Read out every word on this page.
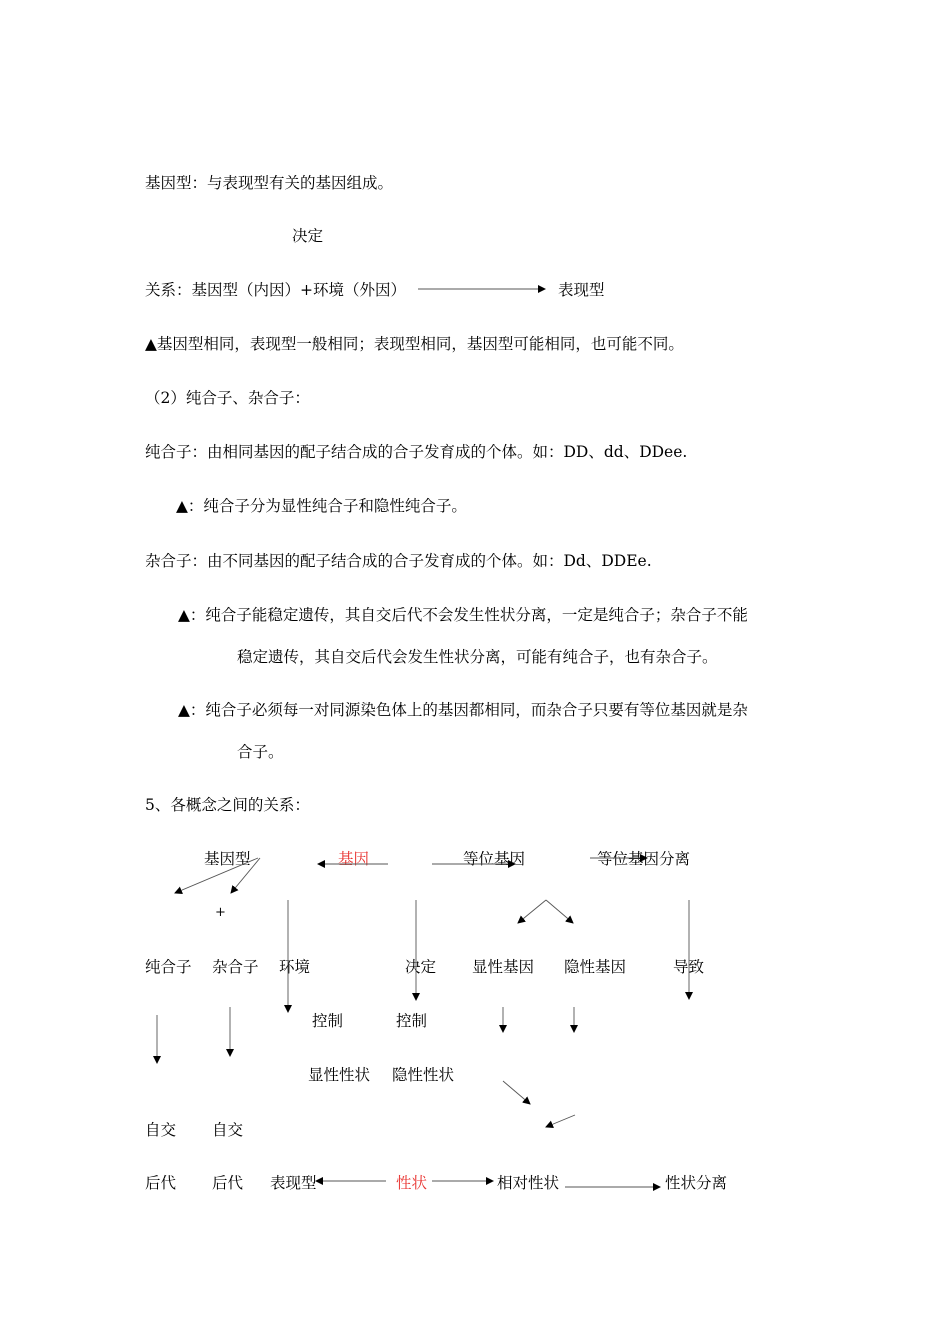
基因型：与表现型有关的基因组成。
决定
关系：基因型（内因）+环境（外因）	表现型
▲基因型相同，表现型一般相同；表现型相同，基因型可能相同，也可能不同。
（2）纯合子、杂合子：
纯合子：由相同基因的配子结合成的合子发育成的个体。如：DD、dd、DDee.
▲：纯合子分为显性纯合子和隐性纯合子。
杂合子：由不同基因的配子结合成的合子发育成的个体。如：Dd、DDEe.
▲：纯合子能稳定遗传，其自交后代不会发生性状分离，一定是纯合子；杂合子不能
稳定遗传，其自交后代会发生性状分离，可能有纯合子，也有杂合子。
▲：纯合子必须每一对同源染色体上的基因都相同，而杂合子只要有等位基因就是杂
合子。
5、各概念之间的关系：
基因型	基因	等位基因	等位基因分离
+
纯合子 杂合子 环境	决定 显性基因 隐性基因	导致
控制	控制
显性性状 隐性性状
自交 自交
后代 后代 表现型	性状	相对性状	性状分离
